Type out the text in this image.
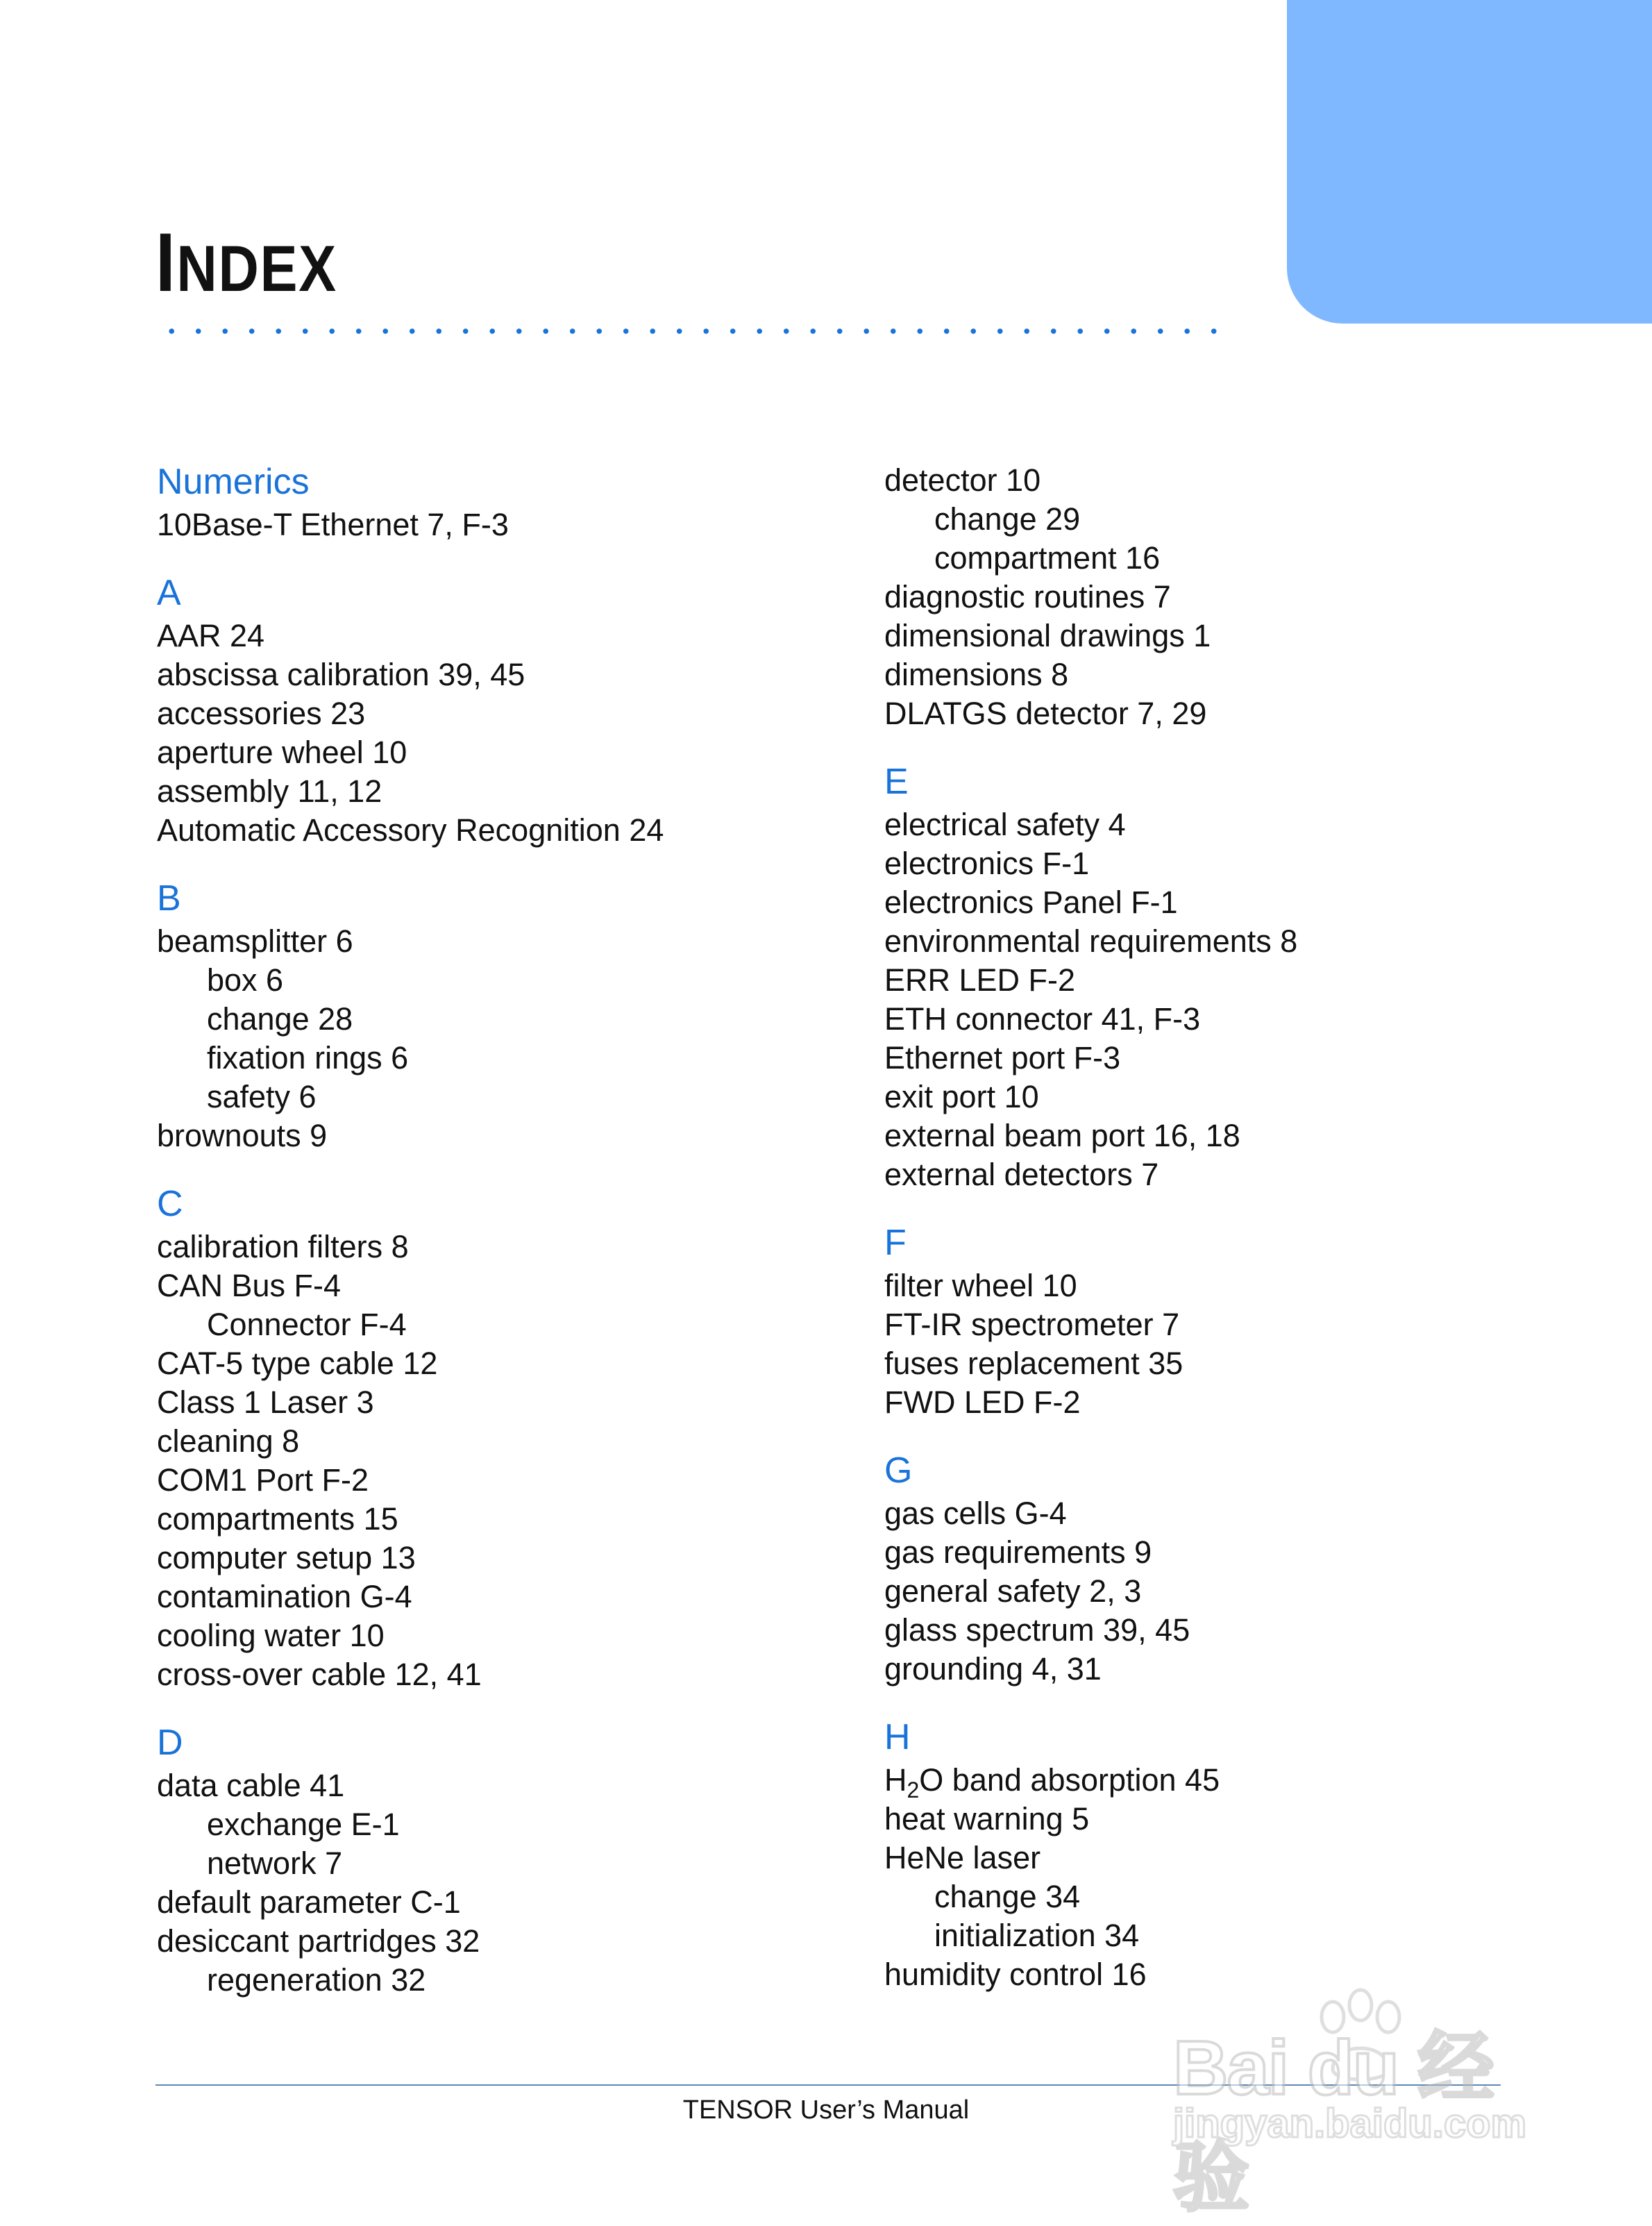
INDEX
Numerics
10Base-T Ethernet 7, F-3
A
AAR 24
abscissa calibration 39, 45
accessories 23
aperture wheel 10
assembly 11, 12
Automatic Accessory Recognition 24
B
beamsplitter 6
box 6
change 28
fixation rings 6
safety 6
brownouts 9
C
calibration filters 8
CAN Bus F-4
Connector F-4
CAT-5 type cable 12
Class 1 Laser 3
cleaning 8
COM1 Port F-2
compartments 15
computer setup 13
contamination G-4
cooling water 10
cross-over cable 12, 41
D
data cable 41
exchange E-1
network 7
default parameter C-1
desiccant partridges 32
regeneration 32
detector 10
change 29
compartment 16
diagnostic routines 7
dimensional drawings 1
dimensions 8
DLATGS detector 7, 29
E
electrical safety 4
electronics F-1
electronics Panel F-1
environmental requirements 8
ERR LED F-2
ETH connector 41, F-3
Ethernet port F-3
exit port 10
external beam port 16, 18
external detectors 7
F
filter wheel 10
FT-IR spectrometer 7
fuses replacement 35
FWD LED F-2
G
gas cells G-4
gas requirements 9
general safety 2, 3
glass spectrum 39, 45
grounding 4, 31
H
$H_2O$ band absorption 45
heat warning 5
HeNe laser
change 34
initialization 34
humidity control 16
TENSOR User’s Manual	Bai du 经验
jingyan.baidu.com
